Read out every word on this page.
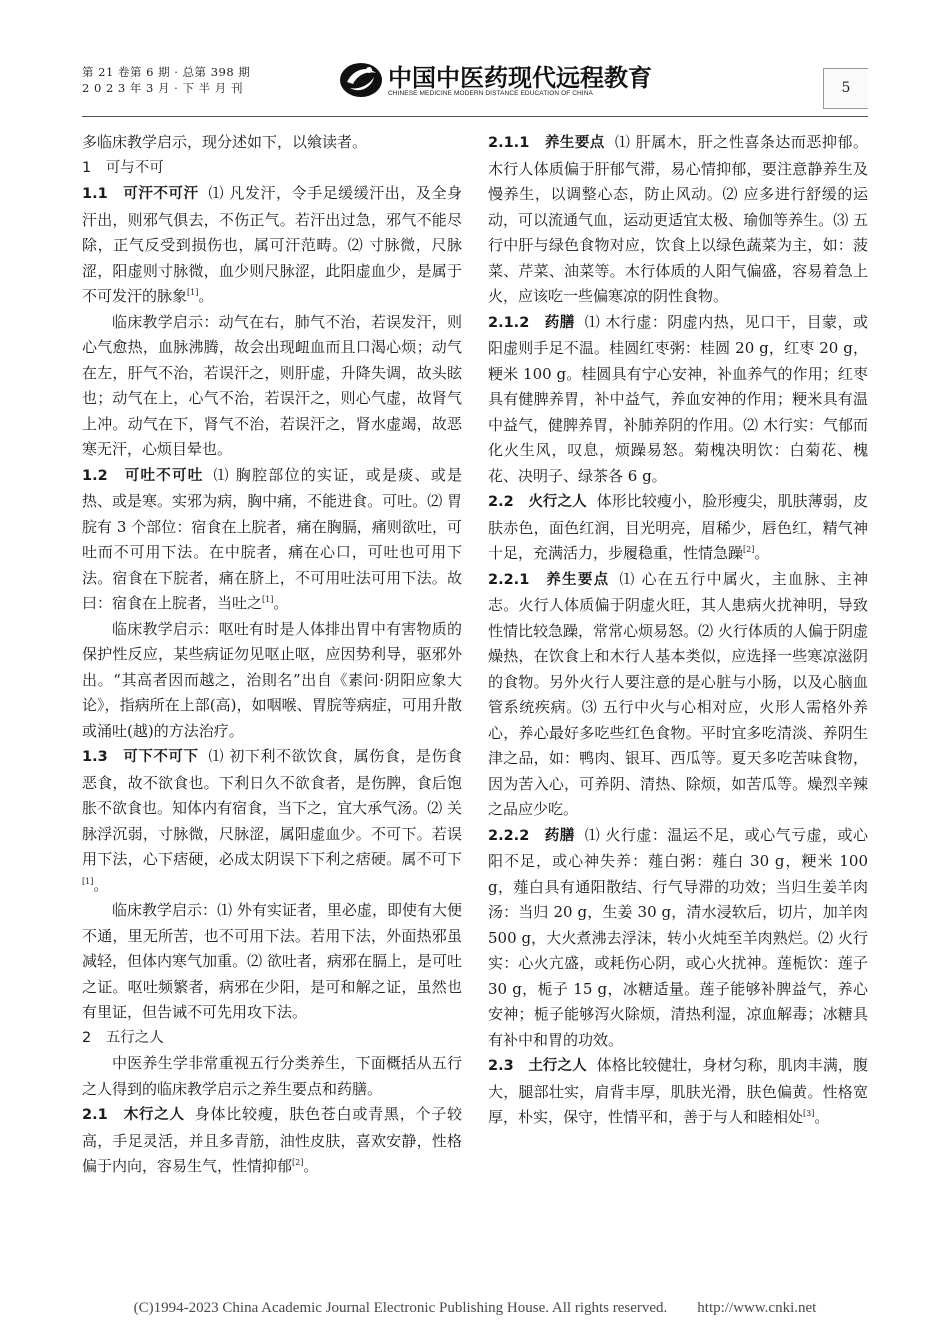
第 21 卷第 6 期 · 总第 398 期
2 0 2 3 年 3 月 · 下 半 月 刊	中国中医药现代远程教育
CHINESE MEDICINE MODERN DISTANCE EDUCATION OF CHINA	5

多临床教学启示，现分述如下，以飨读者。

1　可与不可

1.1　可汗不可汗 ⑴ 凡发汗，令手足缓缓汗出，及全身汗出，则邪气俱去，不伤正气。若汗出过急，邪气不能尽除，正气反受到损伤也，属可汗范畴。⑵ 寸脉微，尺脉涩，阳虚则寸脉微，血少则尺脉涩，此阳虚血少，是属于不可发汗的脉象[1]。

临床教学启示：动气在右，肺气不治，若误发汗，则心气愈热，血脉沸腾，故会出现衄血而且口渴心烦；动气在左，肝气不治，若误汗之，则肝虚，升降失调，故头眩也；动气在上，心气不治，若误汗之，则心气虚，故肾气上冲。动气在下，肾气不治，若误汗之，肾水虚竭，故恶寒无汗，心烦目晕也。

1.2　可吐不可吐 ⑴ 胸腔部位的实证，或是痰、或是热、或是寒。实邪为病，胸中痛，不能进食。可吐。⑵ 胃脘有 3 个部位：宿食在上脘者，痛在胸膈，痛则欲吐，可吐而不可用下法。在中脘者，痛在心口，可吐也可用下法。宿食在下脘者，痛在脐上，不可用吐法可用下法。故曰：宿食在上脘者，当吐之[1]。

临床教学启示：呕吐有时是人体排出胃中有害物质的保护性反应，某些病证勿见呕止呕，应因势利导，驱邪外出。“其高者因而越之，治則名”出自《素问·阴阳应象大论》，指病所在上部(高)，如咽喉、胃脘等病症，可用升散或涌吐(越)的方法治疗。

1.3　可下不可下 ⑴ 初下利不欲饮食，属伤食，是伤食恶食，故不欲食也。下利日久不欲食者，是伤脾，食后饱胀不欲食也。知体内有宿食，当下之，宜大承气汤。⑵ 关脉浮沉弱，寸脉微，尺脉涩，属阳虚血少。不可下。若误用下法，心下痞硬，必成太阴误下下利之痞硬。属不可下[1]。

临床教学启示：⑴ 外有实证者，里必虚，即使有大便不通，里无所苦，也不可用下法。若用下法，外面热邪虽减轻，但体内寒气加重。⑵ 欲吐者，病邪在膈上，是可吐之证。呕吐频繁者，病邪在少阳，是可和解之证，虽然也有里证，但告诫不可先用攻下法。

2　五行之人

中医养生学非常重视五行分类养生，下面概括从五行之人得到的临床教学启示之养生要点和药膳。

2.1　木行之人 身体比较瘦，肤色苍白或青黑，个子较高，手足灵活，并且多青筋，油性皮肤，喜欢安静，性格偏于内向，容易生气，性情抑郁[2]。

2.1.1　养生要点 ⑴ 肝属木，肝之性喜条达而恶抑郁。木行人体质偏于肝郁气滞，易心情抑郁，要注意静养生及慢养生，以调整心态，防止风动。⑵ 应多进行舒缓的运动，可以流通气血，运动更适宜太极、瑜伽等养生。⑶ 五行中肝与绿色食物对应，饮食上以绿色蔬菜为主，如：菠菜、芹菜、油菜等。木行体质的人阳气偏盛，容易着急上火，应该吃一些偏寒凉的阴性食物。

2.1.2　药膳 ⑴ 木行虚：阴虚内热，见口干，目蒙，或阳虚则手足不温。桂圆红枣粥：桂圆 20 g，红枣 20 g，粳米 100 g。桂圆具有宁心安神，补血养气的作用；红枣具有健脾养胃，补中益气，养血安神的作用；粳米具有温中益气，健脾养胃，补肺养阴的作用。⑵ 木行实：气郁而化火生风，叹息，烦躁易怒。菊槐决明饮：白菊花、槐花、决明子、绿茶各 6 g。

2.2　火行之人 体形比较瘦小，脸形瘦尖，肌肤薄弱，皮肤赤色，面色红润，目光明亮，眉稀少，唇色红，精气神十足，充满活力，步履稳重，性情急躁[2]。

2.2.1　养生要点 ⑴ 心在五行中属火，主血脉、主神志。火行人体质偏于阴虚火旺，其人患病火扰神明，导致性情比较急躁，常常心烦易怒。⑵ 火行体质的人偏于阴虚燥热，在饮食上和木行人基本类似，应选择一些寒凉滋阴的食物。另外火行人要注意的是心脏与小肠，以及心脑血管系统疾病。⑶ 五行中火与心相对应，火形人需格外养心，养心最好多吃些红色食物。平时宜多吃清淡、养阴生津之品，如：鸭肉、银耳、西瓜等。夏天多吃苦味食物，因为苦入心，可养阴、清热、除烦，如苦瓜等。燥烈辛辣之品应少吃。

2.2.2　药膳 ⑴ 火行虚：温运不足，或心气亏虚，或心阳不足，或心神失养：薤白粥：薤白 30 g，粳米 100 g，薤白具有通阳散结、行气导滞的功效；当归生姜羊肉汤：当归 20 g，生姜 30 g，清水浸软后，切片，加羊肉 500 g，大火煮沸去浮沫，转小火炖至羊肉熟烂。⑵ 火行实：心火亢盛，或耗伤心阴，或心火扰神。莲栀饮：莲子 30 g，栀子 15 g，冰糖适量。莲子能够补脾益气，养心安神；栀子能够泻火除烦，清热利湿，凉血解毒；冰糖具有补中和胃的功效。

2.3　土行之人 体格比较健壮，身材匀称，肌肉丰满，腹大，腿部壮实，肩背丰厚，肌肤光滑，肤色偏黄。性格宽厚，朴实，保守，性情平和，善于与人和睦相处[3]。

(C)1994-2023 China Academic Journal Electronic Publishing House. All rights reserved.　　http://www.cnki.net
